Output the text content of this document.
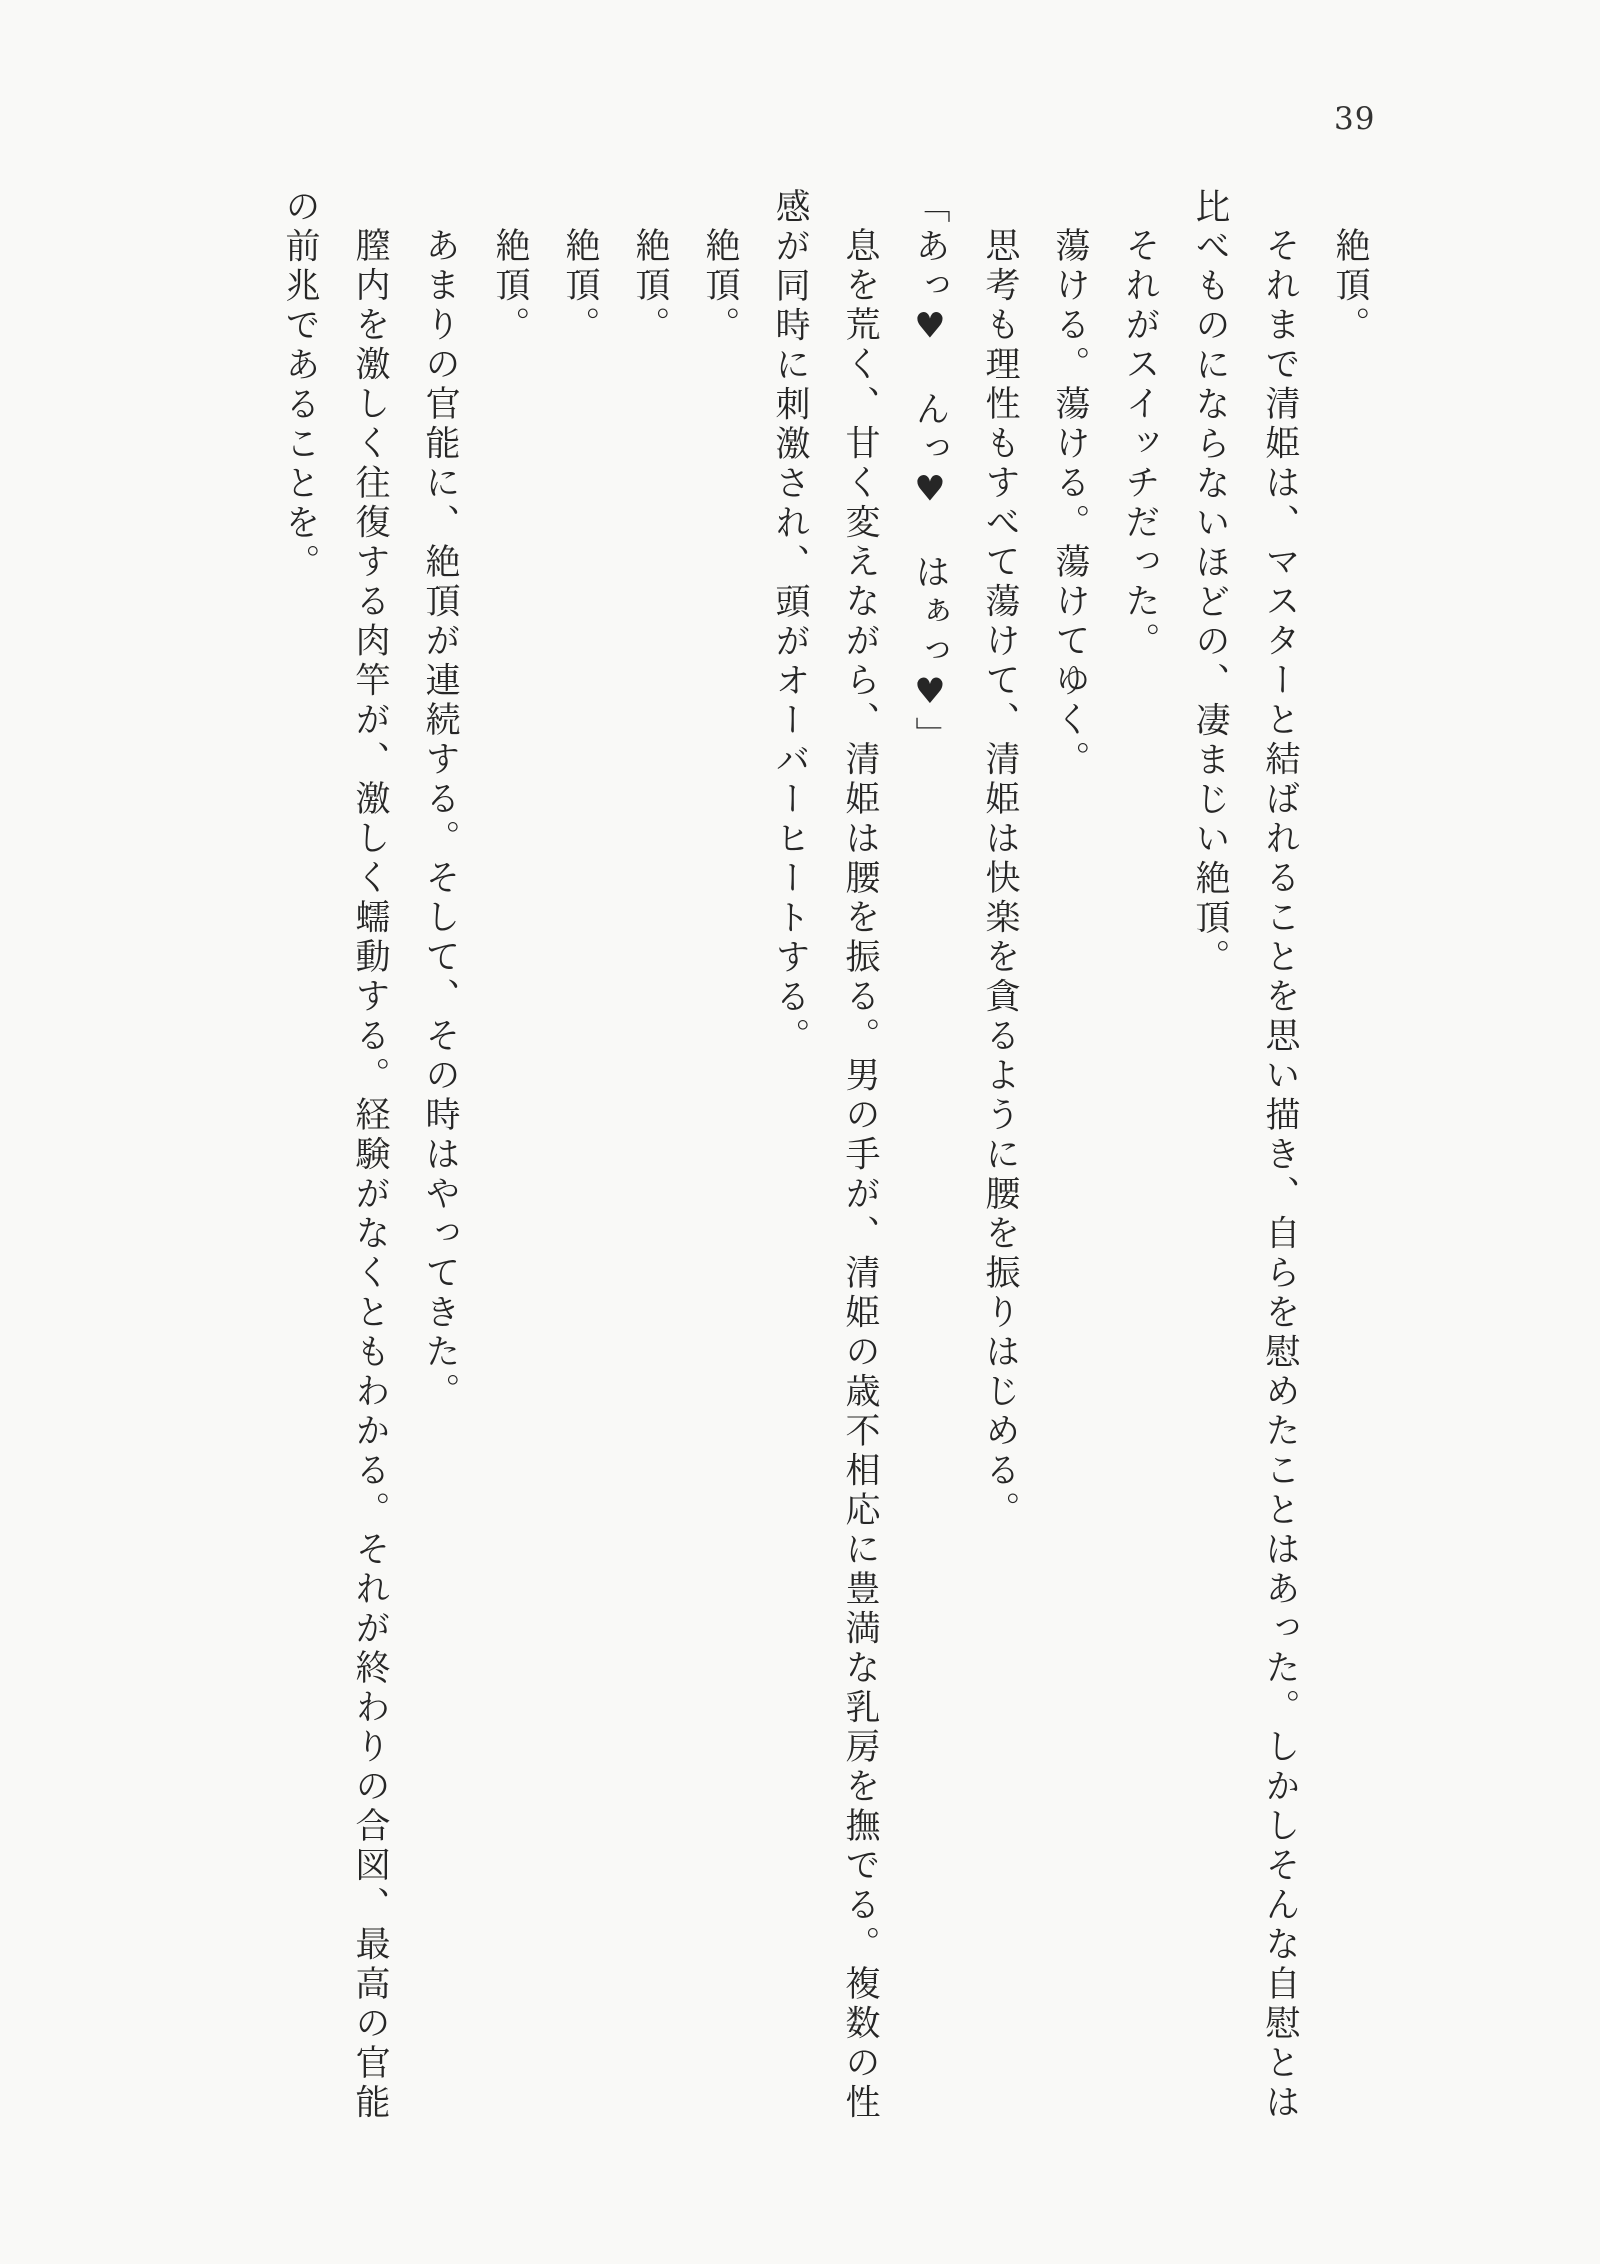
39

絶頂。

それまで清姫は、マスターと結ばれることを思い描き、自らを慰めたことはあった。しかしそんな自慰とは

比べものにならないほどの、凄まじい絶頂。

それがスイッチだった。

蕩ける。蕩ける。蕩けてゆく。

思考も理性もすべて蕩けて、清姫は快楽を貪るように腰を振りはじめる。

「あっ♥　んっ♥　はぁっ♥」

息を荒く、甘く変えながら、清姫は腰を振る。男の手が、清姫の歳不相応に豊満な乳房を撫でる。複数の性

感が同時に刺激され、頭がオーバーヒートする。

絶頂。

絶頂。

絶頂。

絶頂。

あまりの官能に、絶頂が連続する。そして、その時はやってきた。

膣内を激しく往復する肉竿が、激しく蠕動する。経験がなくともわかる。それが終わりの合図、最高の官能

の前兆であることを。
